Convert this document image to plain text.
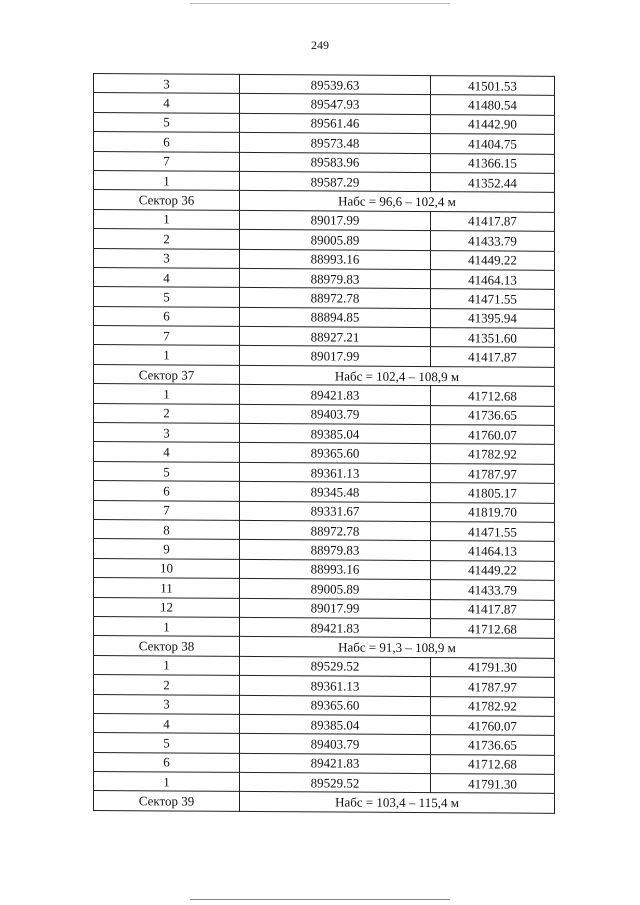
249
3	89539.63	41501.53
4	89547.93	41480.54
5	89561.46	41442.90
6	89573.48	41404.75
7	89583.96	41366.15
1	89587.29	41352.44
Сектор 36	Набс = 96,6 – 102,4 м	
1	89017.99	41417.87
2	89005.89	41433.79
3	88993.16	41449.22
4	88979.83	41464.13
5	88972.78	41471.55
6	88894.85	41395.94
7	88927.21	41351.60
1	89017.99	41417.87
Сектор 37	Набс = 102,4 – 108,9 м	
1	89421.83	41712.68
2	89403.79	41736.65
3	89385.04	41760.07
4	89365.60	41782.92
5	89361.13	41787.97
6	89345.48	41805.17
7	89331.67	41819.70
8	88972.78	41471.55
9	88979.83	41464.13
10	88993.16	41449.22
11	89005.89	41433.79
12	89017.99	41417.87
1	89421.83	41712.68
Сектор 38	Набс = 91,3 – 108,9 м	
1	89529.52	41791.30
2	89361.13	41787.97
3	89365.60	41782.92
4	89385.04	41760.07
5	89403.79	41736.65
6	89421.83	41712.68
1	89529.52	41791.30
Сектор 39	Набс = 103,4 – 115,4 м	
